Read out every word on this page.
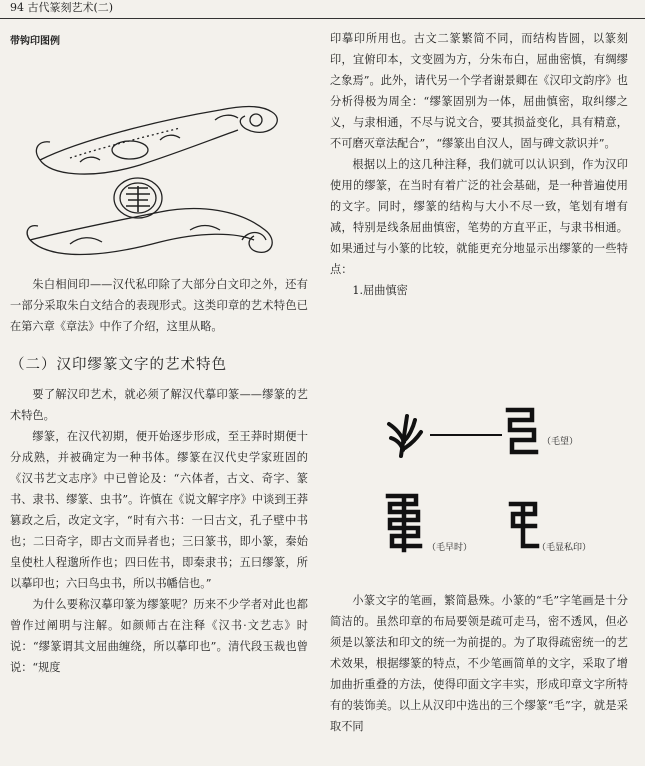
94 古代篆刻艺术(二)
带钩印图例

朱白相间印——汉代私印除了大部分白文印之外，还有一部分采取朱白文结合的表现形式。这类印章的艺术特色已在第六章《章法》中作了介绍，这里从略。

（二）汉印缪篆文字的艺术特色

要了解汉印艺术，就必须了解汉代摹印篆——缪篆的艺术特色。

缪篆，在汉代初期，便开始逐步形成，至王莽时期便十分成熟，并被确定为一种书体。缪篆在汉代史学家班固的《汉书艺文志序》中已曾论及：“六体者，古文、奇字、篆书、隶书、缪篆、虫书”。许慎在《说文解字序》中谈到王莽篡政之后，改定文字，“时有六书：一曰古文，孔子壁中书也；二曰奇字，即古文而异者也；三曰篆书，即小篆，秦始皇使杜人程邈所作也；四曰佐书，即秦隶书；五曰缪篆，所以摹印也；六曰鸟虫书，所以书幡信也。”

为什么要称汉摹印篆为缪篆呢？历来不少学者对此也都曾作过阐明与注解。如颜师古在注释《汉书·文艺志》时说：“缪篆谓其文屈曲缠绕，所以摹印也”。清代段玉裁也曾说：“规度

印摹印所用也。古文二篆繁简不同，而结构皆圆，以篆刻印，宜俯印本，文变圆为方，分朱布白，屈曲密慎，有绸缪之象焉”。此外，请代另一个学者谢景卿在《汉印文韵序》也分析得极为周全：“缪篆固别为一体，屈曲慎密，取纠缪之义，与隶相通，不尽与说文合，要其损益变化，具有精意，不可磨灭章法配合”，“缪篆出自汉人，固与碑文款识并”。

根据以上的这几种注释，我们就可以认识到，作为汉印使用的缪篆，在当时有着广泛的社会基础，是一种普遍使用的文字。同时，缪篆的结构与大小不尽一致，笔划有增有减，特别是线条屈曲慎密，笔势的方直平正，与隶书相通。如果通过与小篆的比较，就能更充分地显示出缪篆的一些特点：

1.屈曲慎密

（毛望）
（毛早时）	（毛显私印）

小篆文字的笔画，繁简悬殊。小篆的“毛”字笔画是十分简洁的。虽然印章的布局要领是疏可走马，密不透风，但必须是以篆法和印文的统一为前提的。为了取得疏密统一的艺术效果，根据缪篆的特点，不少笔画简单的文字，采取了增加曲折重叠的方法，使得印面文字丰实，形成印章文字所特有的装饰美。以上从汉印中选出的三个缪篆“毛”字，就是采取不同
